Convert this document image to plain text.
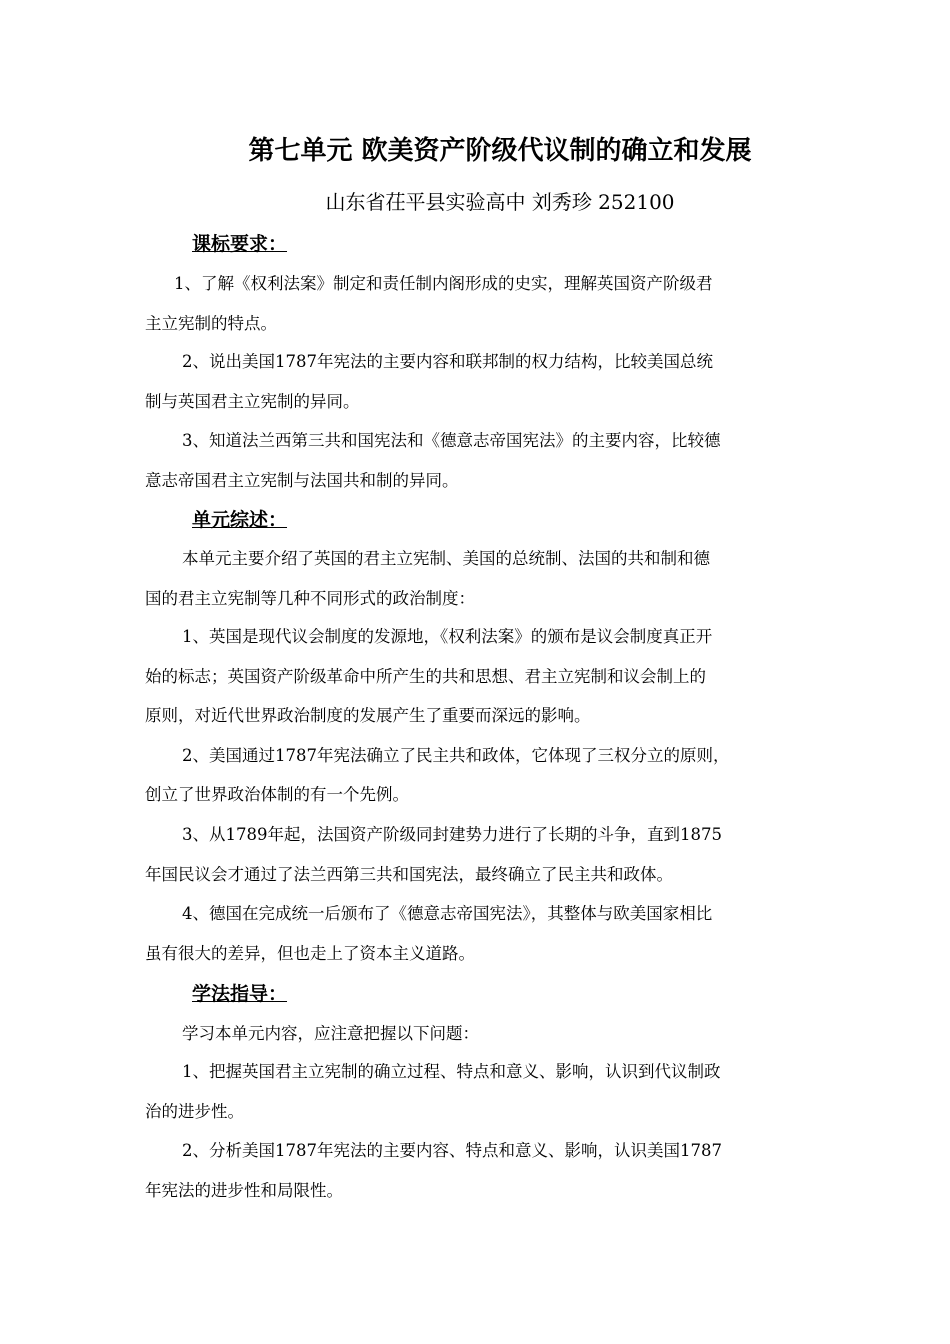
第七单元 欧美资产阶级代议制的确立和发展
山东省茌平县实验高中 刘秀珍 252100
课标要求：
1、了解《权利法案》制定和责任制内阁形成的史实，理解英国资产阶级君
主立宪制的特点。
2、说出美国1787年宪法的主要内容和联邦制的权力结构，比较美国总统
制与英国君主立宪制的异同。
3、知道法兰西第三共和国宪法和《德意志帝国宪法》的主要内容，比较德
意志帝国君主立宪制与法国共和制的异同。
单元综述：
本单元主要介绍了英国的君主立宪制、美国的总统制、法国的共和制和德
国的君主立宪制等几种不同形式的政治制度：
1、英国是现代议会制度的发源地，《权利法案》的颁布是议会制度真正开
始的标志；英国资产阶级革命中所产生的共和思想、君主立宪制和议会制上的
原则，对近代世界政治制度的发展产生了重要而深远的影响。
2、美国通过1787年宪法确立了民主共和政体，它体现了三权分立的原则，
创立了世界政治体制的有一个先例。
3、从1789年起，法国资产阶级同封建势力进行了长期的斗争，直到1875
年国民议会才通过了法兰西第三共和国宪法，最终确立了民主共和政体。
4、德国在完成统一后颁布了《德意志帝国宪法》，其整体与欧美国家相比
虽有很大的差异，但也走上了资本主义道路。
学法指导：
学习本单元内容，应注意把握以下问题：
1、把握英国君主立宪制的确立过程、特点和意义、影响，认识到代议制政
治的进步性。
2、分析美国1787年宪法的主要内容、特点和意义、影响，认识美国1787
年宪法的进步性和局限性。
